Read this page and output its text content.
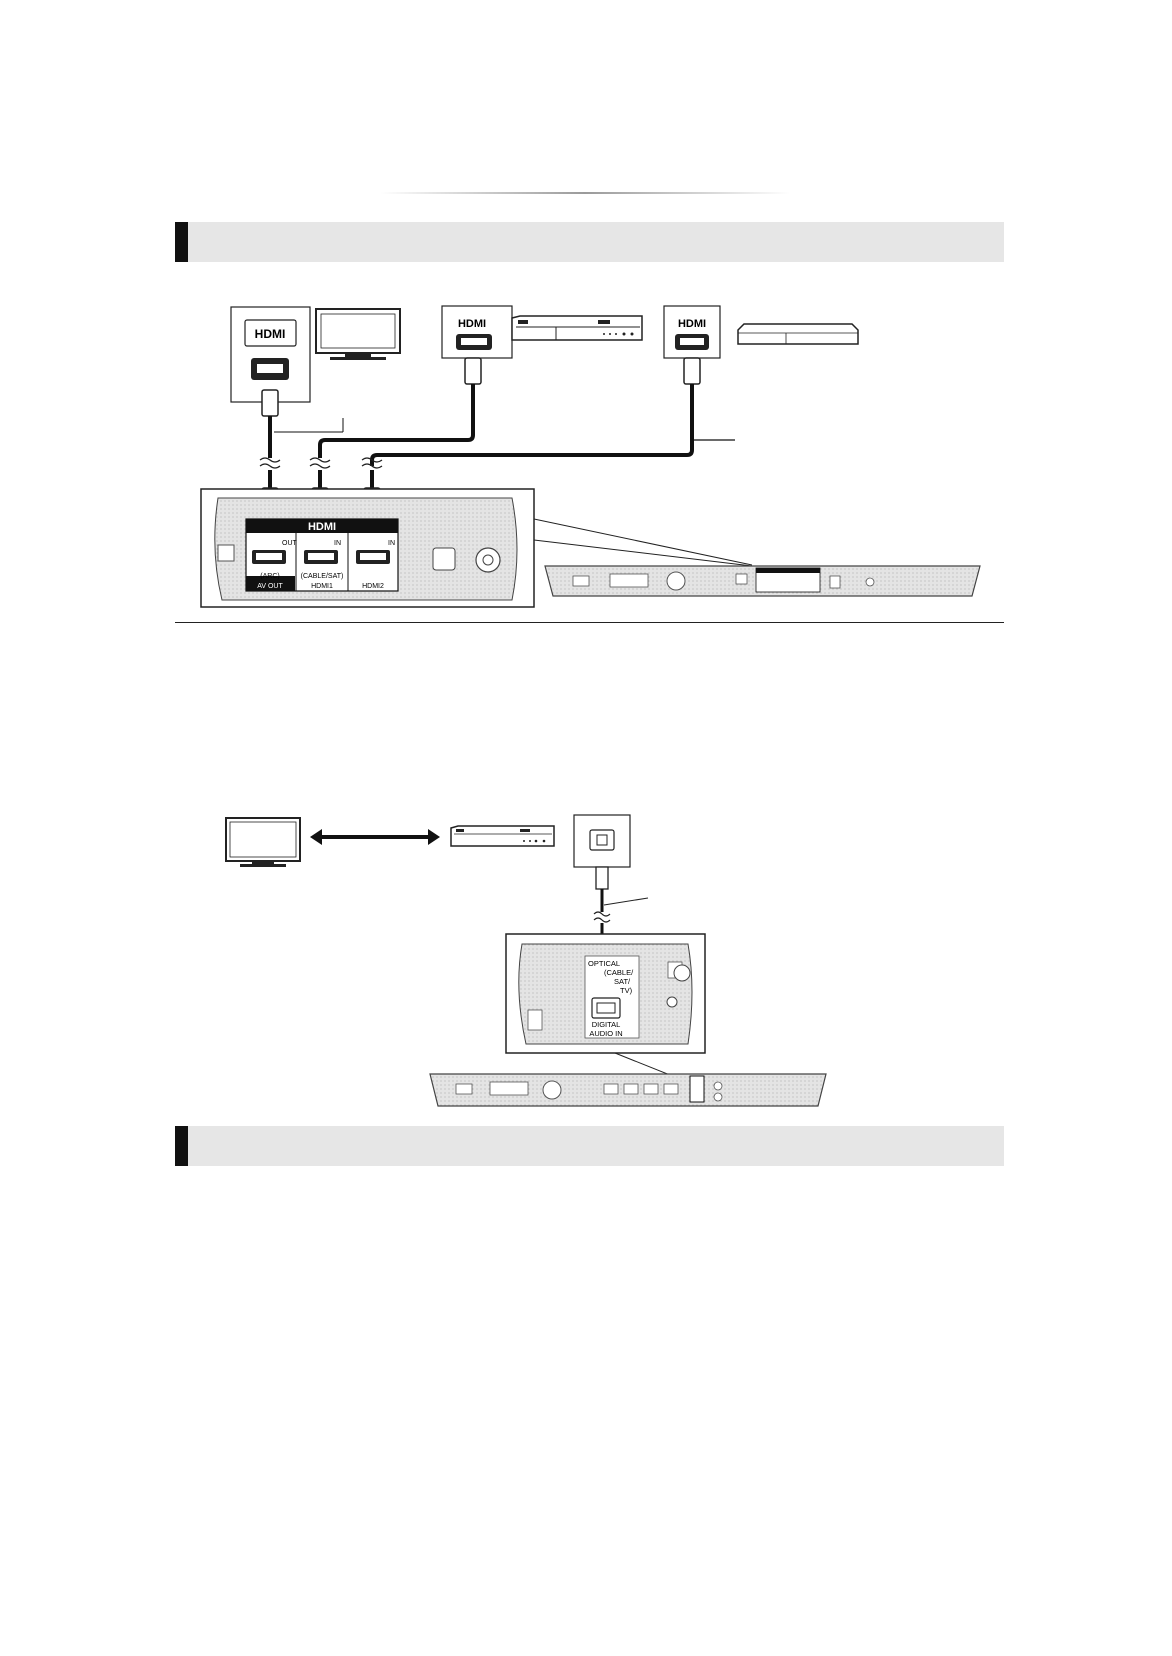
HDMI
HDMI	HDMI
HDMI
OUT	IN	IN
(ARC)
AV OUT
(CABLE/SAT)
HDMI1	HDMI2
OPTICAL
(CABLE/
SAT/
TV)
DIGITAL
AUDIO IN
